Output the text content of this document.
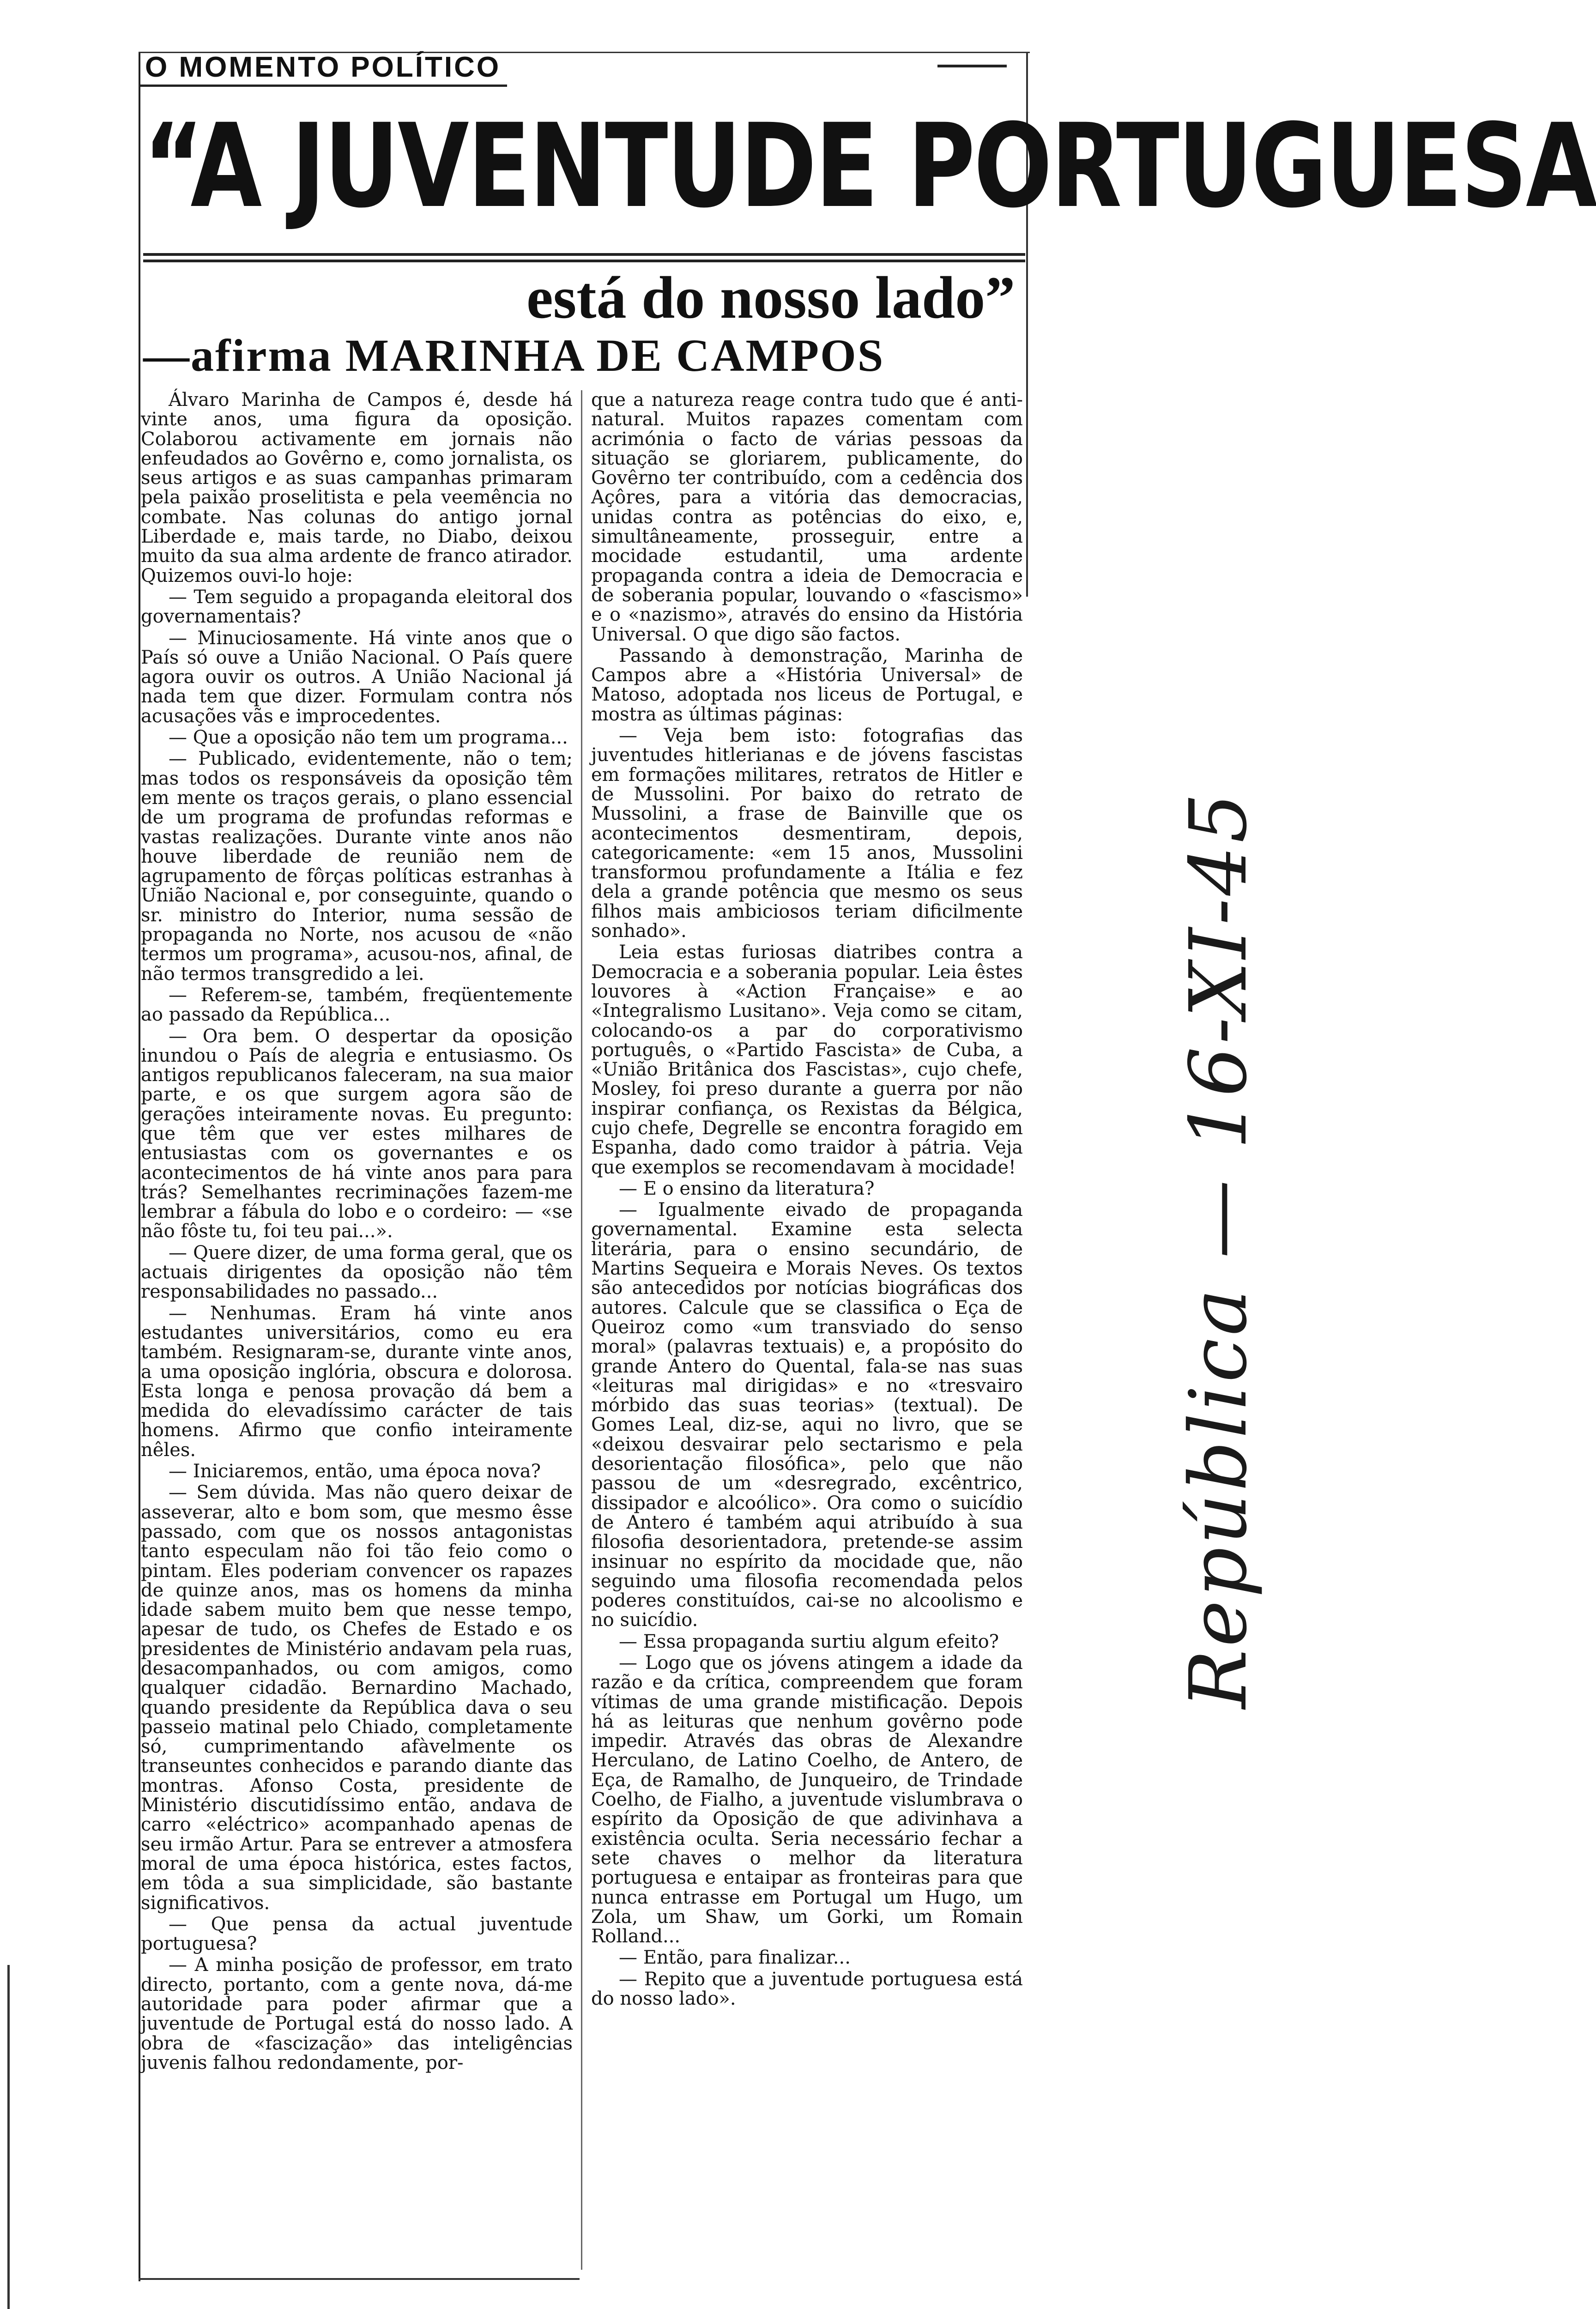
O MOMENTO POLÍTICO
“A JUVENTUDE PORTUGUESA
está do nosso lado”
—afirma MARINHA DE CAMPOS

Álvaro Marinha de Campos é, desde há vinte anos, uma figura da oposição. Colaborou activamente em jornais não enfeudados ao Govêrno e, como jornalista, os seus artigos e as suas campanhas primaram pela paixão proselitista e pela veemência no combate. Nas colunas do antigo jornal Liberdade e, mais tarde, no Diabo, deixou muito da sua alma ardente de franco atirador. Quizemos ouvi-lo hoje:

— Tem seguido a propaganda eleitoral dos governamentais?

— Minuciosamente. Há vinte anos que o País só ouve a União Nacional. O País quere agora ouvir os outros. A União Nacional já nada tem que dizer. Formulam contra nós acusações vãs e improcedentes.

— Que a oposição não tem um programa...

— Publicado, evidentemente, não o tem; mas todos os responsáveis da oposição têm em mente os traços gerais, o plano essencial de um programa de profundas reformas e vastas realizações. Durante vinte anos não houve liberdade de reunião nem de agrupamento de fôrças políticas estranhas à União Nacional e, por conseguinte, quando o sr. ministro do Interior, numa sessão de propaganda no Norte, nos acusou de «não termos um programa», acusou-nos, afinal, de não termos transgredido a lei.

— Referem-se, também, freqüentemente ao passado da República...

— Ora bem. O despertar da oposição inundou o País de alegria e entusiasmo. Os antigos republicanos faleceram, na sua maior parte, e os que surgem agora são de gerações inteiramente novas. Eu pregunto: que têm que ver estes milhares de entusiastas com os governantes e os acontecimentos de há vinte anos para para trás? Semelhantes recriminações fazem-me lembrar a fábula do lobo e o cordeiro: — «se não fôste tu, foi teu pai...».

— Quere dizer, de uma forma geral, que os actuais dirigentes da oposição não têm responsabilidades no passado...

— Nenhumas. Eram há vinte anos estudantes universitários, como eu era também. Resignaram-se, durante vinte anos, a uma oposição inglória, obscura e dolorosa. Esta longa e penosa provação dá bem a medida do elevadíssimo carácter de tais homens. Afirmo que confio inteiramente nêles.

— Iniciaremos, então, uma época nova?

— Sem dúvida. Mas não quero deixar de asseverar, alto e bom som, que mesmo êsse passado, com que os nossos antagonistas tanto especulam não foi tão feio como o pintam. Eles poderiam convencer os rapazes de quinze anos, mas os homens da minha idade sabem muito bem que nesse tempo, apesar de tudo, os Chefes de Estado e os presidentes de Ministério andavam pela ruas, desacompanhados, ou com amigos, como qualquer cidadão. Bernardino Machado, quando presidente da República dava o seu passeio matinal pelo Chiado, completamente só, cumprimentando afàvelmente os transeuntes conhecidos e parando diante das montras. Afonso Costa, presidente de Ministério discutidíssimo então, andava de carro «eléctrico» acompanhado apenas de seu irmão Artur. Para se entrever a atmosfera moral de uma época histórica, estes factos, em tôda a sua simplicidade, são bastante significativos.

— Que pensa da actual juventude portuguesa?

— A minha posição de professor, em trato directo, portanto, com a gente nova, dá-me autoridade para poder afirmar que a juventude de Portugal está do nosso lado. A obra de «fascização» das inteligências juvenis falhou redondamente, por-

que a natureza reage contra tudo que é anti-natural. Muitos rapazes comentam com acrimónia o facto de várias pessoas da situação se gloriarem, publicamente, do Govêrno ter contribuído, com a cedência dos Açôres, para a vitória das democracias, unidas contra as potências do eixo, e, simultâneamente, prosseguir, entre a mocidade estudantil, uma ardente propaganda contra a ideia de Democracia e de soberania popular, louvando o «fascismo» e o «nazismo», através do ensino da História Universal. O que digo são factos.

Passando à demonstração, Marinha de Campos abre a «História Universal» de Matoso, adoptada nos liceus de Portugal, e mostra as últimas páginas:

— Veja bem isto: fotografias das juventudes hitlerianas e de jóvens fascistas em formações militares, retratos de Hitler e de Mussolini. Por baixo do retrato de Mussolini, a frase de Bainville que os acontecimentos desmentiram, depois, categoricamente: «em 15 anos, Mussolini transformou profundamente a Itália e fez dela a grande potência que mesmo os seus filhos mais ambiciosos teriam dificilmente sonhado».

Leia estas furiosas diatribes contra a Democracia e a soberania popular. Leia êstes louvores à «Action Française» e ao «Integralismo Lusitano». Veja como se citam, colocando-os a par do corporativismo português, o «Partido Fascista» de Cuba, a «União Britânica dos Fascistas», cujo chefe, Mosley, foi preso durante a guerra por não inspirar confiança, os Rexistas da Bélgica, cujo chefe, Degrelle se encontra foragido em Espanha, dado como traidor à pátria. Veja que exemplos se recomendavam à mocidade!

— E o ensino da literatura?

— Igualmente eivado de propaganda governamental. Examine esta selecta literária, para o ensino secundário, de Martins Sequeira e Morais Neves. Os textos são antecedidos por notícias biográficas dos autores. Calcule que se classifica o Eça de Queiroz como «um transviado do senso moral» (palavras textuais) e, a propósito do grande Antero do Quental, fala-se nas suas «leituras mal dirigidas» e no «tresvairo mórbido das suas teorias» (textual). De Gomes Leal, diz-se, aqui no livro, que se «deixou desvairar pelo sectarismo e pela desorientação filosófica», pelo que não passou de um «desregrado, excêntrico, dissipador e alcoólico». Ora como o suicídio de Antero é também aqui atribuído à sua filosofia desorientadora, pretende-se assim insinuar no espírito da mocidade que, não seguindo uma filosofia recomendada pelos poderes constituídos, cai-se no alcoolismo e no suicídio.

— Essa propaganda surtiu algum efeito?

— Logo que os jóvens atingem a idade da razão e da crítica, compreendem que foram vítimas de uma grande mistificação. Depois há as leituras que nenhum govêrno pode impedir. Através das obras de Alexandre Herculano, de Latino Coelho, de Antero, de Eça, de Ramalho, de Junqueiro, de Trindade Coelho, de Fialho, a juventude vislumbrava o espírito da Oposição de que adivinhava a existência oculta. Seria necessário fechar a sete chaves o melhor da literatura portuguesa e entaipar as fronteiras para que nunca entrasse em Portugal um Hugo, um Zola, um Shaw, um Gorki, um Romain Rolland...

— Então, para finalizar...

— Repito que a juventude portuguesa está do nosso lado».

República — 16-XI-45
